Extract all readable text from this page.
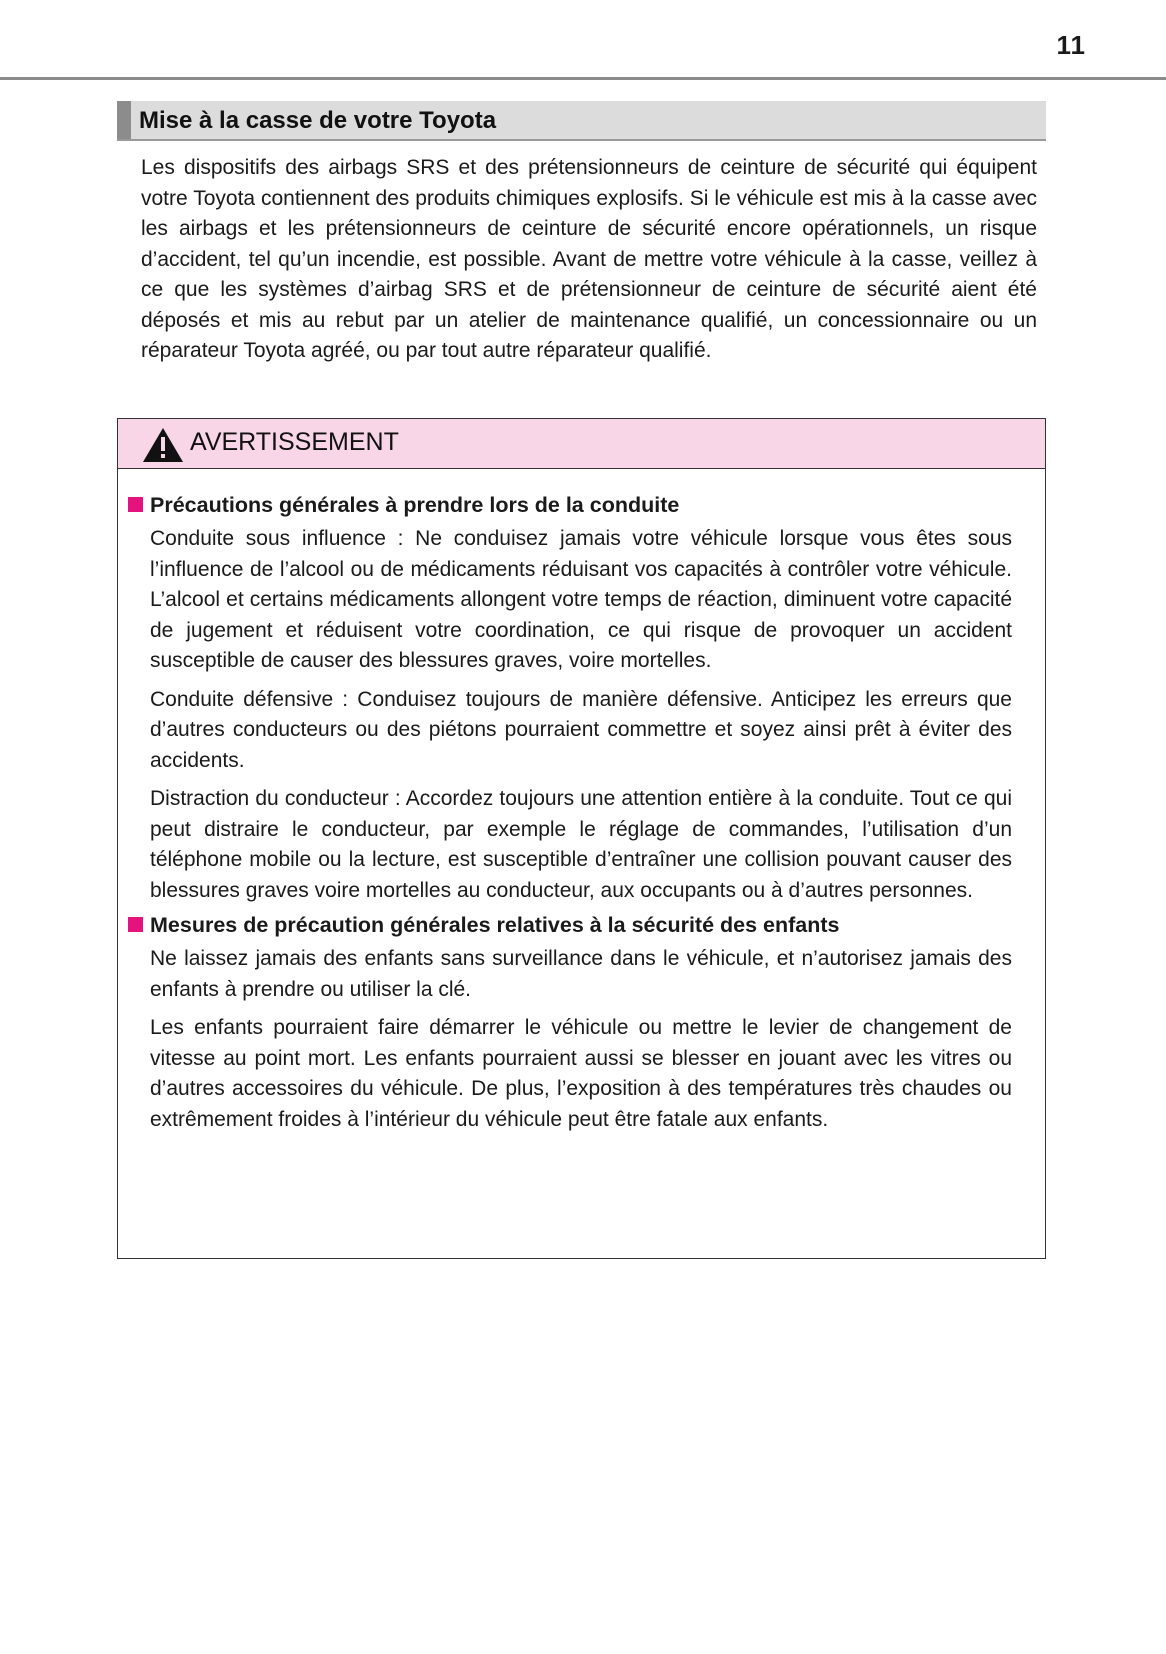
11
Mise à la casse de votre Toyota

Les dispositifs des airbags SRS et des prétensionneurs de ceinture de sécurité qui équipent votre Toyota contiennent des produits chimiques explosifs. Si le véhicule est mis à la casse avec les airbags et les prétensionneurs de ceinture de sécurité encore opérationnels, un risque d’accident, tel qu’un incendie, est possible. Avant de mettre votre véhicule à la casse, veillez à ce que les systèmes d’airbag SRS et de prétensionneur de ceinture de sécurité aient été déposés et mis au rebut par un atelier de maintenance qualifié, un concessionnaire ou un réparateur Toyota agréé, ou par tout autre réparateur qualifié.

AVERTISSEMENT

Précautions générales à prendre lors de la conduite

Conduite sous influence : Ne conduisez jamais votre véhicule lorsque vous êtes sous l’influence de l’alcool ou de médicaments réduisant vos capacités à contrôler votre véhicule. L’alcool et certains médicaments allongent votre temps de réaction, diminuent votre capacité de jugement et réduisent votre coordination, ce qui risque de provoquer un accident susceptible de causer des blessures graves, voire mortelles.

Conduite défensive : Conduisez toujours de manière défensive. Anticipez les erreurs que d’autres conducteurs ou des piétons pourraient commettre et soyez ainsi prêt à éviter des accidents.

Distraction du conducteur : Accordez toujours une attention entière à la conduite. Tout ce qui peut distraire le conducteur, par exemple le réglage de commandes, l’utilisation d’un téléphone mobile ou la lecture, est susceptible d’entraîner une collision pouvant causer des blessures graves voire mortelles au conducteur, aux occupants ou à d’autres personnes.

Mesures de précaution générales relatives à la sécurité des enfants

Ne laissez jamais des enfants sans surveillance dans le véhicule, et n’autorisez jamais des enfants à prendre ou utiliser la clé.

Les enfants pourraient faire démarrer le véhicule ou mettre le levier de changement de vitesse au point mort. Les enfants pourraient aussi se blesser en jouant avec les vitres ou d’autres accessoires du véhicule. De plus, l’exposition à des températures très chaudes ou extrêmement froides à l’intérieur du véhicule peut être fatale aux enfants.
